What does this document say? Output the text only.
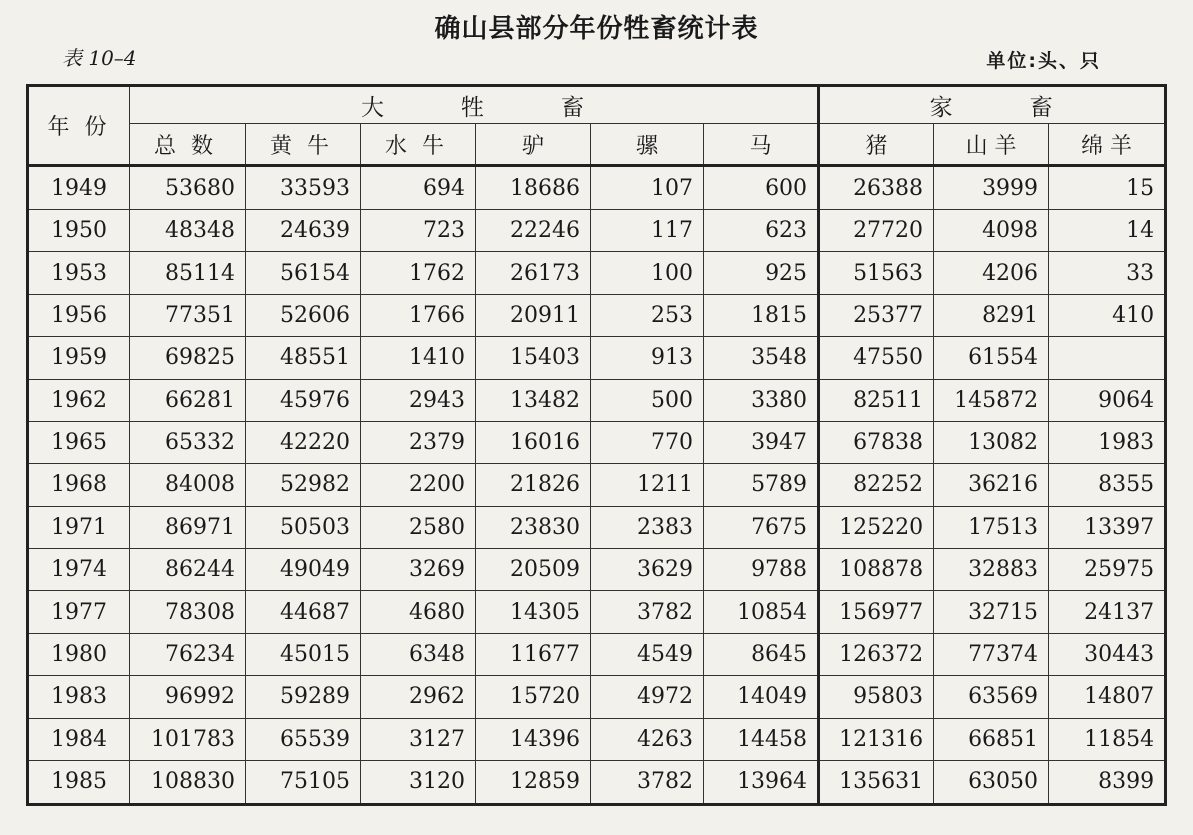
确山县部分年份牲畜统计表
表 10–4	单位:头、只
年 份	大　　　牲　　　畜						家　　　畜		
	总 数	黄 牛	水 牛	驴	骡	马	猪	山 羊	绵 羊
1949	53680	33593	694	18686	107	600	26388	3999	15
1950	48348	24639	723	22246	117	623	27720	4098	14
1953	85114	56154	1762	26173	100	925	51563	4206	33
1956	77351	52606	1766	20911	253	1815	25377	8291	410
1959	69825	48551	1410	15403	913	3548	47550	61554	
1962	66281	45976	2943	13482	500	3380	82511	145872	9064
1965	65332	42220	2379	16016	770	3947	67838	13082	1983
1968	84008	52982	2200	21826	1211	5789	82252	36216	8355
1971	86971	50503	2580	23830	2383	7675	125220	17513	13397
1974	86244	49049	3269	20509	3629	9788	108878	32883	25975
1977	78308	44687	4680	14305	3782	10854	156977	32715	24137
1980	76234	45015	6348	11677	4549	8645	126372	77374	30443
1983	96992	59289	2962	15720	4972	14049	95803	63569	14807
1984	101783	65539	3127	14396	4263	14458	121316	66851	11854
1985	108830	75105	3120	12859	3782	13964	135631	63050	8399
